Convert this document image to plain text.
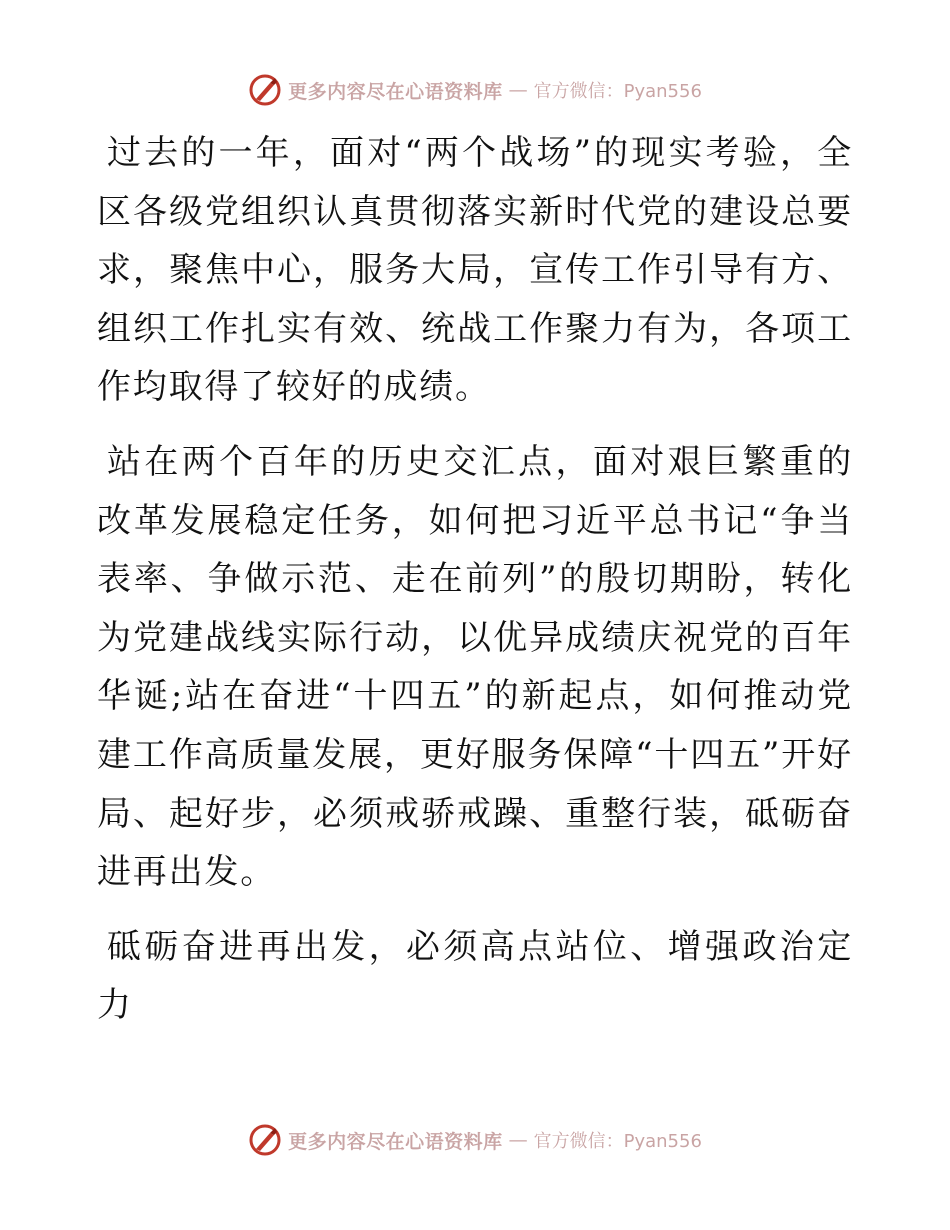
更多内容尽在心语资料库 — 官方微信：Pyan556

过去的一年，面对“两个战场”的现实考验，全区各级党组织认真贯彻落实新时代党的建设总要求，聚焦中心，服务大局，宣传工作引导有方、组织工作扎实有效、统战工作聚力有为，各项工作均取得了较好的成绩。

站在两个百年的历史交汇点，面对艰巨繁重的改革发展稳定任务，如何把习近平总书记“争当表率、争做示范、走在前列”的殷切期盼，转化为党建战线实际行动，以优异成绩庆祝党的百年华诞;站在奋进“十四五”的新起点，如何推动党建工作高质量发展，更好服务保障“十四五”开好局、起好步，必须戒骄戒躁、重整行装，砥砺奋进再出发。

砥砺奋进再出发，必须高点站位、增强政治定力

更多内容尽在心语资料库 — 官方微信：Pyan556
